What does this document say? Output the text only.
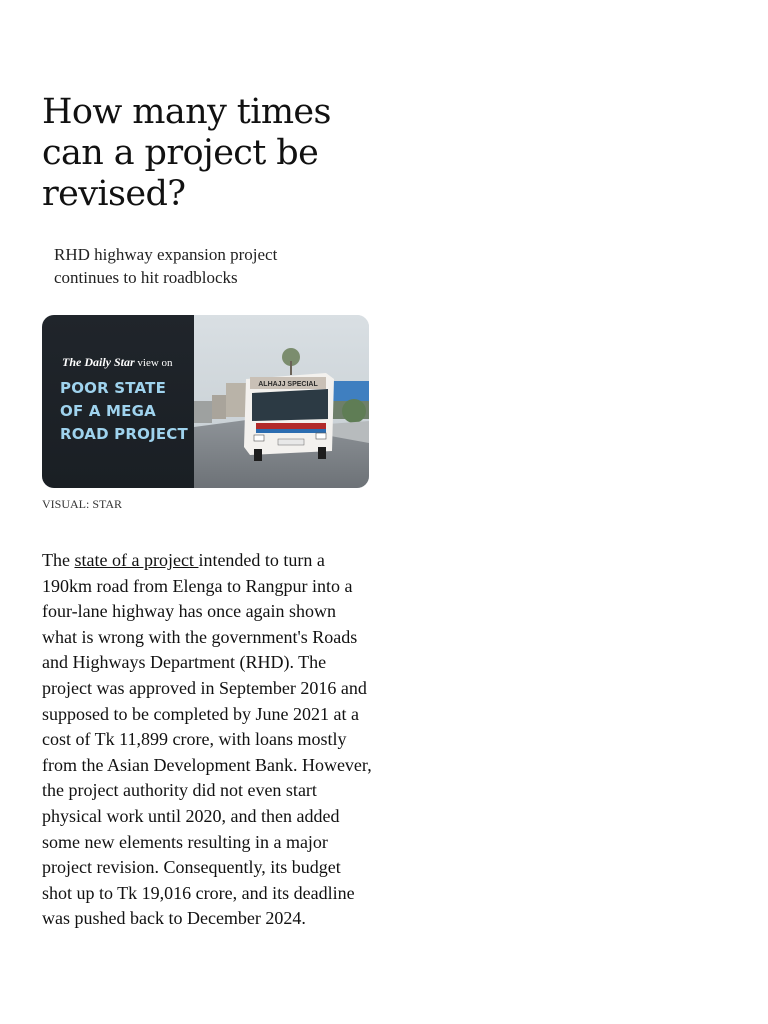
How many times can a project be revised?
RHD highway expansion project continues to hit roadblocks
The Daily Star view on
POOR STATE OF A MEGA ROAD PROJECT
ALHAJJ SPECIAL
VISUAL: STAR

The state of a project intended to turn a 190km road from Elenga to Rangpur into a four-lane highway has once again shown what is wrong with the government's Roads and Highways Department (RHD). The project was approved in September 2016 and supposed to be completed by June 2021 at a cost of Tk 11,899 crore, with loans mostly from the Asian Development Bank. However, the project authority did not even start physical work until 2020, and then added some new elements resulting in a major project revision. Consequently, its budget shot up to Tk 19,016 crore, and its deadline was pushed back to December 2024.
